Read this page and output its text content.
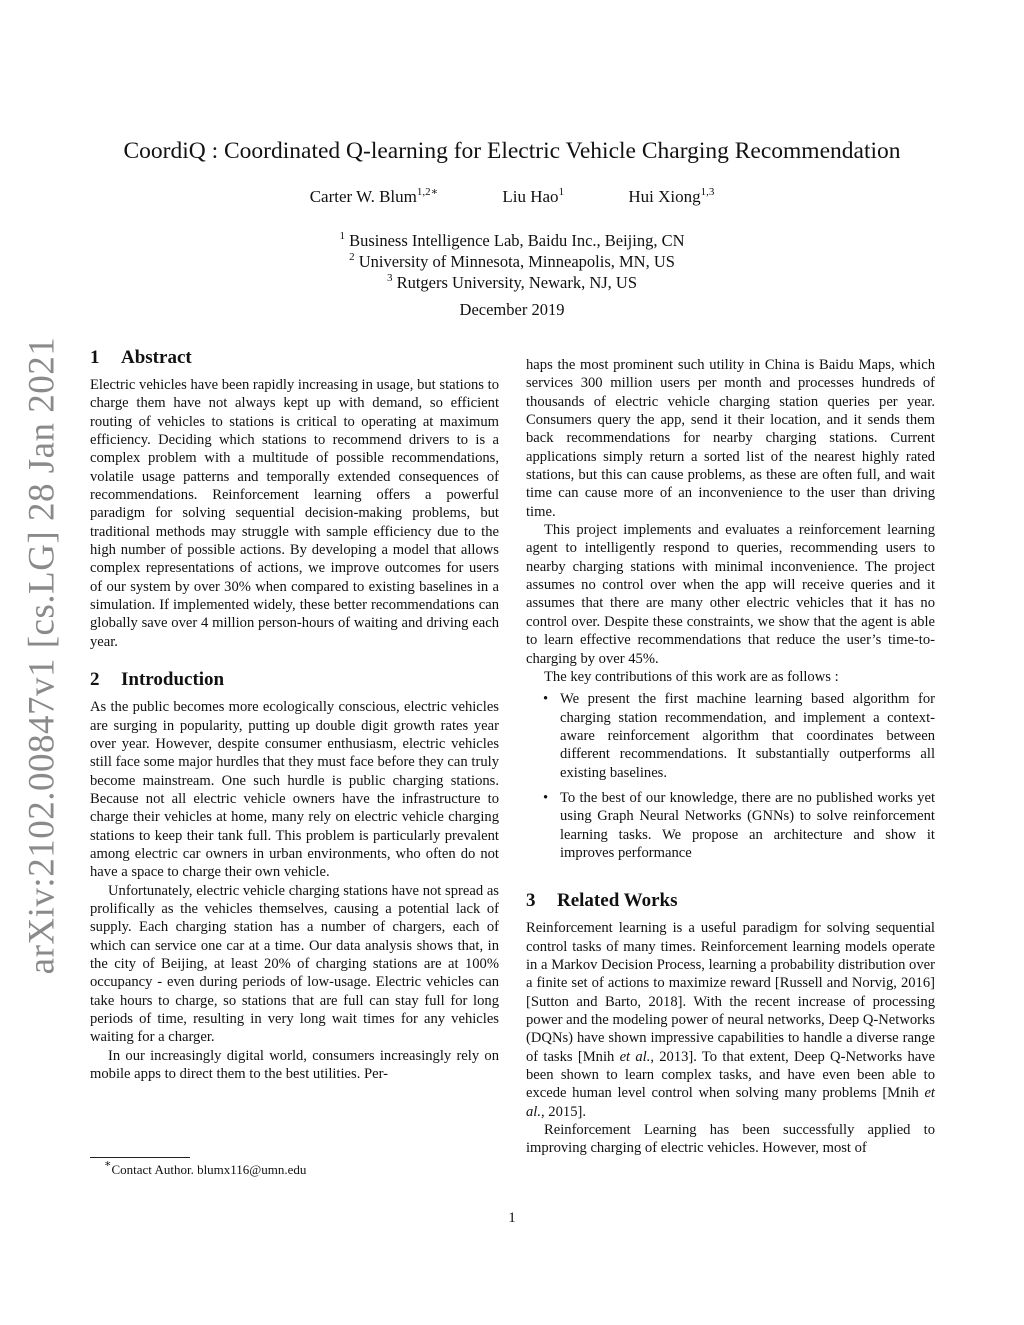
arXiv:2102.00847v1 [cs.LG] 28 Jan 2021
CoordiQ : Coordinated Q-learning for Electric Vehicle Charging Recommendation
Carter W. Blum$^{1,2∗}$	Liu Hao$^1$	Hui Xiong$^{1,3}$
$^1$ Business Intelligence Lab, Baidu Inc., Beijing, CN
$^2$ University of Minnesota, Minneapolis, MN, US
$^3$ Rutgers University, Newark, NJ, US
December 2019
1 Abstract

Electric vehicles have been rapidly increasing in usage, but stations to charge them have not always kept up with demand, so efficient routing of vehicles to stations is critical to operating at maximum efficiency. Deciding which stations to recommend drivers to is a complex problem with a multitude of possible recommendations, volatile usage patterns and temporally extended consequences of recommendations. Reinforcement learning offers a powerful paradigm for solving sequential decision-making problems, but traditional methods may struggle with sample efficiency due to the high number of possible actions. By developing a model that allows complex representations of actions, we improve outcomes for users of our system by over 30% when compared to existing baselines in a simulation. If implemented widely, these better recommendations can globally save over 4 million person-hours of waiting and driving each year.

2 Introduction

As the public becomes more ecologically conscious, electric vehicles are surging in popularity, putting up double digit growth rates year over year. However, despite consumer enthusiasm, electric vehicles still face some major hurdles that they must face before they can truly become mainstream. One such hurdle is public charging stations. Because not all electric vehicle owners have the infrastructure to charge their vehicles at home, many rely on electric vehicle charging stations to keep their tank full. This problem is particularly prevalent among electric car owners in urban environments, who often do not have a space to charge their own vehicle.

Unfortunately, electric vehicle charging stations have not spread as prolifically as the vehicles themselves, causing a potential lack of supply. Each charging station has a number of chargers, each of which can service one car at a time. Our data analysis shows that, in the city of Beijing, at least 20% of charging stations are at 100% occupancy - even during periods of low-usage. Electric vehicles can take hours to charge, so stations that are full can stay full for long periods of time, resulting in very long wait times for any vehicles waiting for a charger.

In our increasingly digital world, consumers increasingly rely on mobile apps to direct them to the best utilities. Per-

haps the most prominent such utility in China is Baidu Maps, which services 300 million users per month and processes hundreds of thousands of electric vehicle charging station queries per year. Consumers query the app, send it their location, and it sends them back recommendations for nearby charging stations. Current applications simply return a sorted list of the nearest highly rated stations, but this can cause problems, as these are often full, and wait time can cause more of an inconvenience to the user than driving time.

This project implements and evaluates a reinforcement learning agent to intelligently respond to queries, recommending users to nearby charging stations with minimal inconvenience. The project assumes no control over when the app will receive queries and it assumes that there are many other electric vehicles that it has no control over. Despite these constraints, we show that the agent is able to learn effective recommendations that reduce the user’s time-to-charging by over 45%.

The key contributions of this work are as follows :

• We present the first machine learning based algorithm for charging station recommendation, and implement a context-aware reinforcement algorithm that coordinates between different recommendations. It substantially outperforms all existing baselines.
• To the best of our knowledge, there are no published works yet using Graph Neural Networks (GNNs) to solve reinforcement learning tasks. We propose an architecture and show it improves performance
3 Related Works

Reinforcement learning is a useful paradigm for solving sequential control tasks of many times. Reinforcement learning models operate in a Markov Decision Process, learning a probability distribution over a finite set of actions to maximize reward [Russell and Norvig, 2016][Sutton and Barto, 2018]. With the recent increase of processing power and the modeling power of neural networks, Deep Q-Networks (DQNs) have shown impressive capabilities to handle a diverse range of tasks [Mnih et al., 2013]. To that extent, Deep Q-Networks have been shown to learn complex tasks, and have even been able to excede human level control when solving many problems [Mnih et al., 2015].

Reinforcement Learning has been successfully applied to improving charging of electric vehicles. However, most of

∗Contact Author. blumx116@umn.edu
1
